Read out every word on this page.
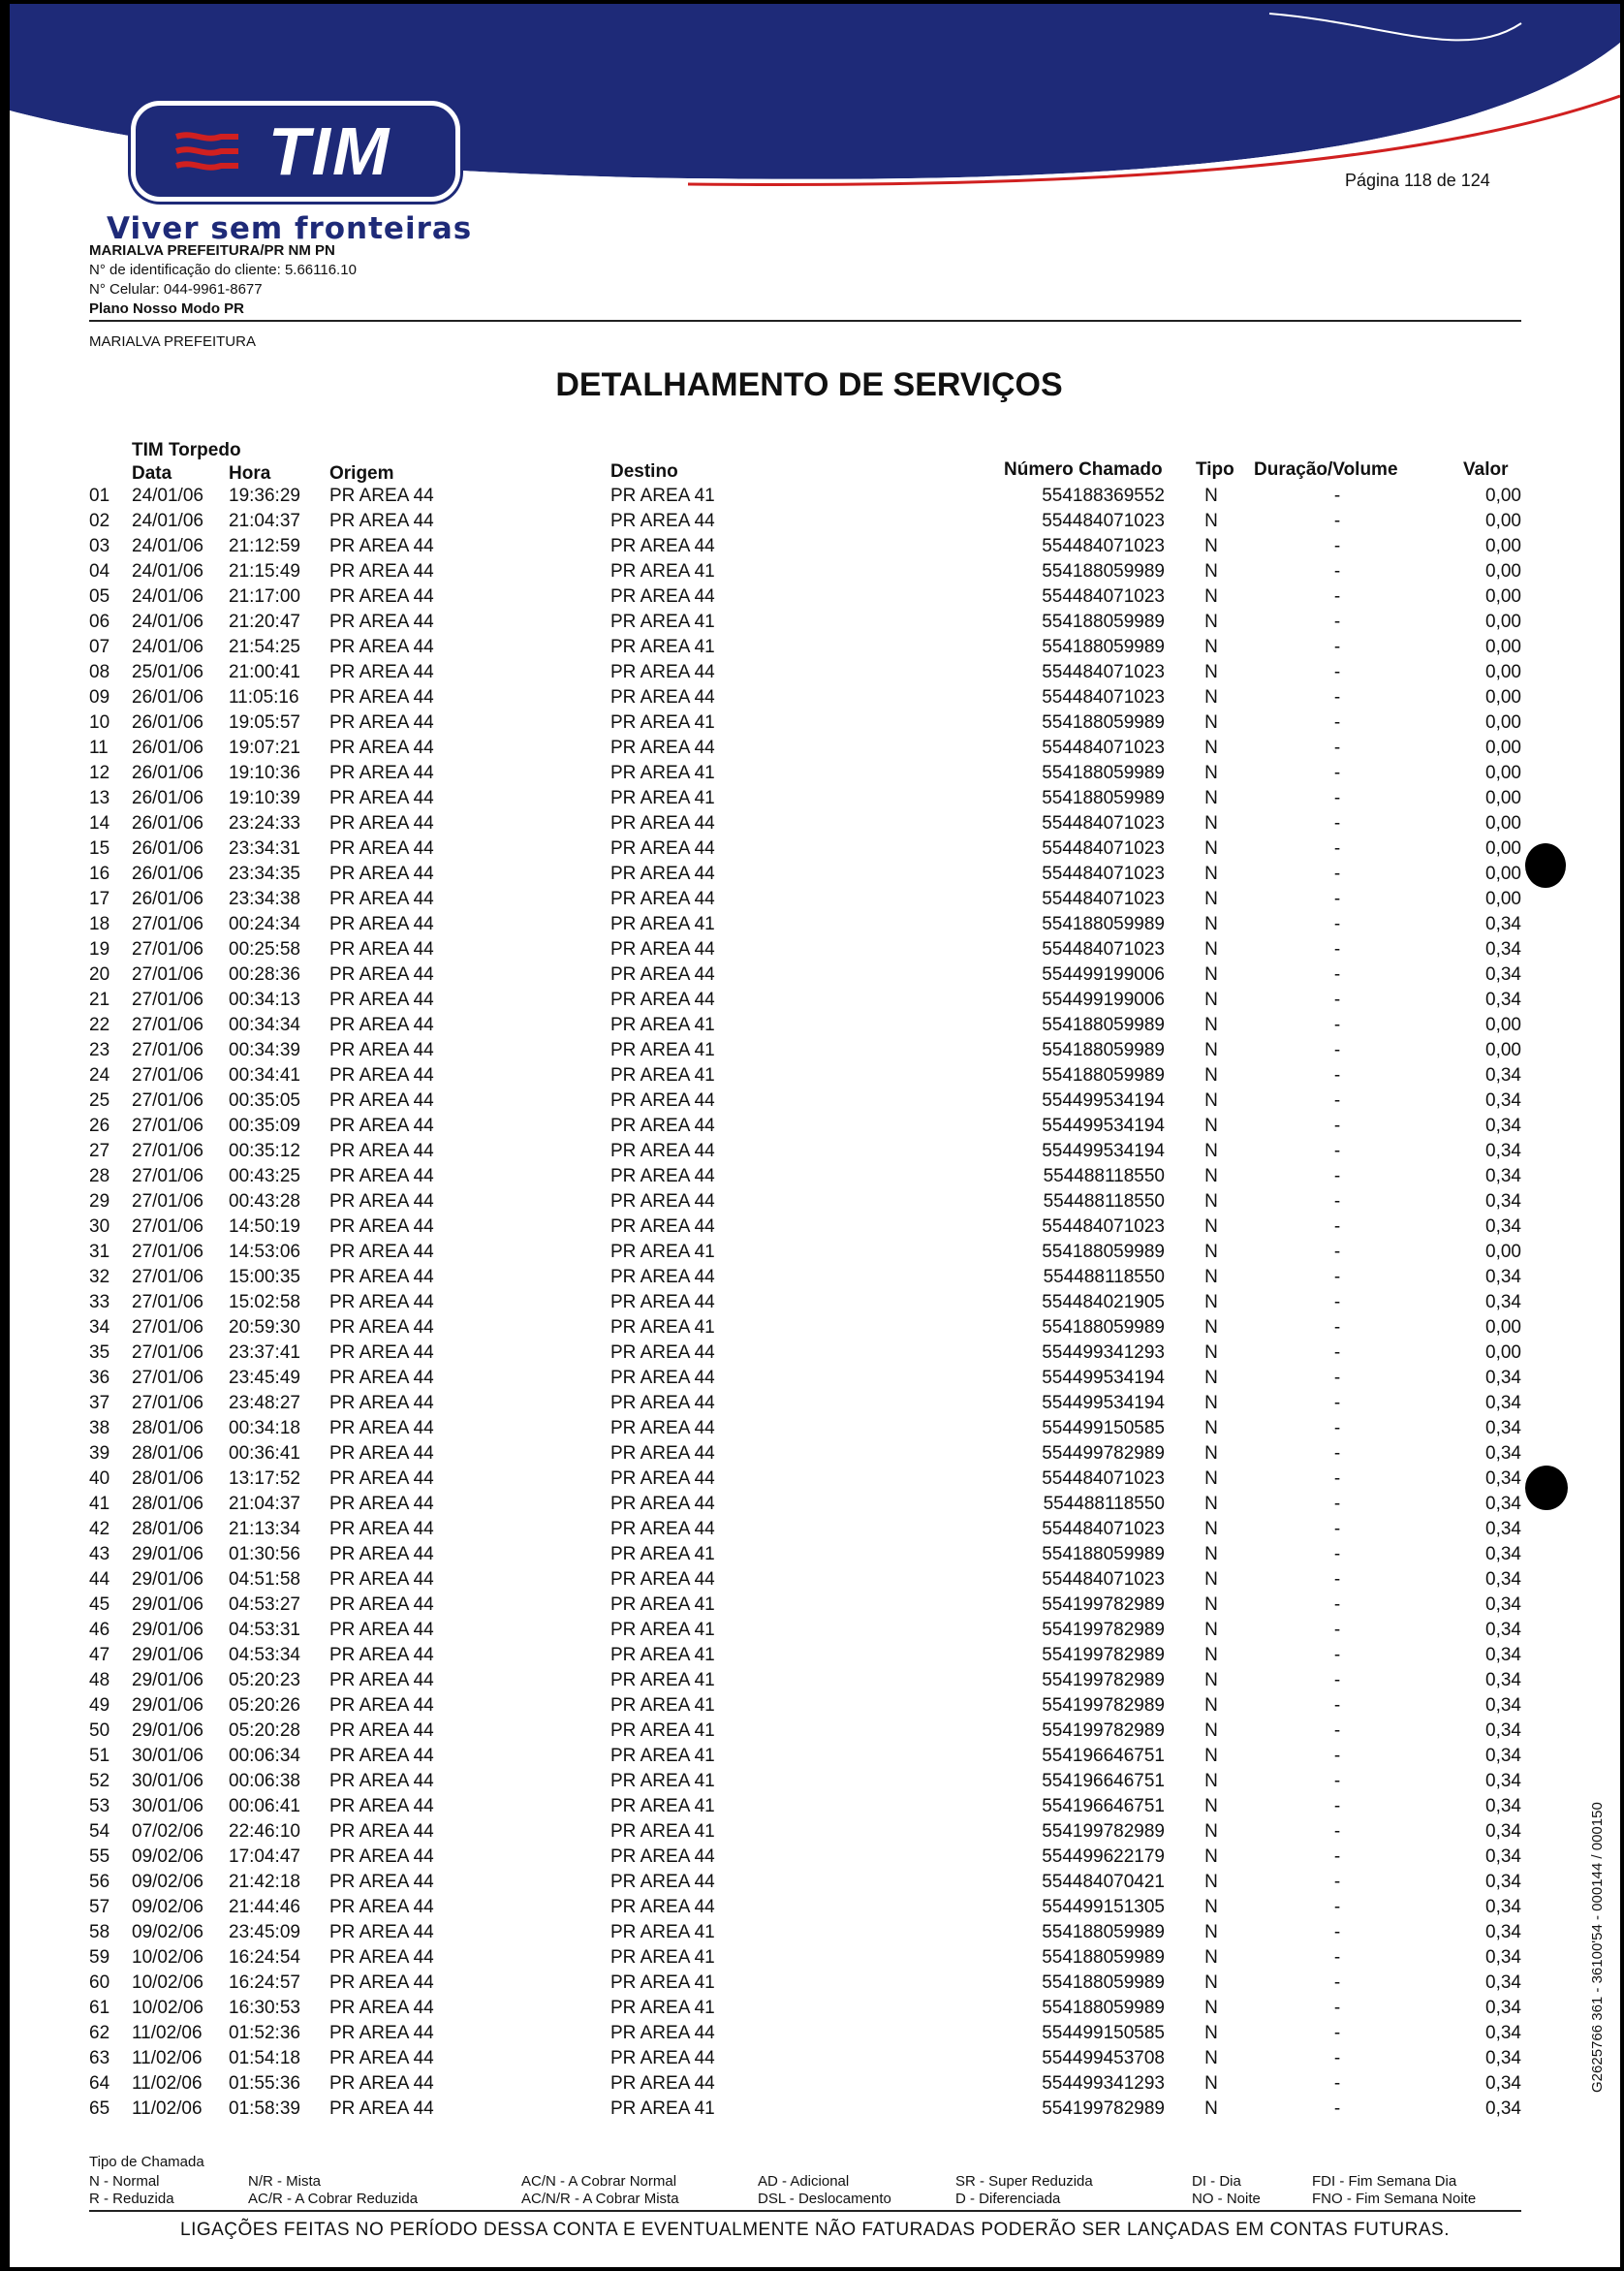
TIM
Viver sem fronteiras
Página 118 de 124
MARIALVA PREFEITURA/PR NM PN
N° de identificação do cliente: 5.66116.10
N° Celular: 044-9961-8677
Plano Nosso Modo PR
MARIALVA PREFEITURA
DETALHAMENTO DE SERVIÇOS
TIM Torpedo
Data	Hora	Origem	Destino	Número Chamado Tipo Duração/Volume	Valor
01 24/01/06 19:36:29 PR AREA 44	PR AREA 41	554188369552 N	-	0,00
02 24/01/06 21:04:37 PR AREA 44	PR AREA 44	554484071023 N	-	0,00
03 24/01/06 21:12:59 PR AREA 44	PR AREA 44	554484071023 N	-	0,00
04 24/01/06 21:15:49 PR AREA 44	PR AREA 41	554188059989 N	-	0,00
05 24/01/06 21:17:00 PR AREA 44	PR AREA 44	554484071023 N	-	0,00
06 24/01/06 21:20:47 PR AREA 44	PR AREA 41	554188059989 N	-	0,00
07 24/01/06 21:54:25 PR AREA 44	PR AREA 41	554188059989 N	-	0,00
08 25/01/06 21:00:41 PR AREA 44	PR AREA 44	554484071023 N	-	0,00
09 26/01/06 11:05:16 PR AREA 44	PR AREA 44	554484071023 N	-	0,00
10 26/01/06 19:05:57 PR AREA 44	PR AREA 41	554188059989 N	-	0,00
11 26/01/06 19:07:21 PR AREA 44	PR AREA 44	554484071023 N	-	0,00
12 26/01/06 19:10:36 PR AREA 44	PR AREA 41	554188059989 N	-	0,00
13 26/01/06 19:10:39 PR AREA 44	PR AREA 41	554188059989 N	-	0,00
14 26/01/06 23:24:33 PR AREA 44	PR AREA 44	554484071023 N	-	0,00
15 26/01/06 23:34:31 PR AREA 44	PR AREA 44	554484071023 N	-	0,00
16 26/01/06 23:34:35 PR AREA 44	PR AREA 44	554484071023 N	-	0,00
17 26/01/06 23:34:38 PR AREA 44	PR AREA 44	554484071023 N	-	0,00
18 27/01/06 00:24:34 PR AREA 44	PR AREA 41	554188059989 N	-	0,34
19 27/01/06 00:25:58 PR AREA 44	PR AREA 44	554484071023 N	-	0,34
20 27/01/06 00:28:36 PR AREA 44	PR AREA 44	554499199006 N	-	0,34
21 27/01/06 00:34:13 PR AREA 44	PR AREA 44	554499199006 N	-	0,34
22 27/01/06 00:34:34 PR AREA 44	PR AREA 41	554188059989 N	-	0,00
23 27/01/06 00:34:39 PR AREA 44	PR AREA 41	554188059989 N	-	0,00
24 27/01/06 00:34:41 PR AREA 44	PR AREA 41	554188059989 N	-	0,34
25 27/01/06 00:35:05 PR AREA 44	PR AREA 44	554499534194 N	-	0,34
26 27/01/06 00:35:09 PR AREA 44	PR AREA 44	554499534194 N	-	0,34
27 27/01/06 00:35:12 PR AREA 44	PR AREA 44	554499534194 N	-	0,34
28 27/01/06 00:43:25 PR AREA 44	PR AREA 44	554488118550 N	-	0,34
29 27/01/06 00:43:28 PR AREA 44	PR AREA 44	554488118550 N	-	0,34
30 27/01/06 14:50:19 PR AREA 44	PR AREA 44	554484071023 N	-	0,34
31 27/01/06 14:53:06 PR AREA 44	PR AREA 41	554188059989 N	-	0,00
32 27/01/06 15:00:35 PR AREA 44	PR AREA 44	554488118550 N	-	0,34
33 27/01/06 15:02:58 PR AREA 44	PR AREA 44	554484021905 N	-	0,34
34 27/01/06 20:59:30 PR AREA 44	PR AREA 41	554188059989 N	-	0,00
35 27/01/06 23:37:41 PR AREA 44	PR AREA 44	554499341293 N	-	0,00
36 27/01/06 23:45:49 PR AREA 44	PR AREA 44	554499534194 N	-	0,34
37 27/01/06 23:48:27 PR AREA 44	PR AREA 44	554499534194 N	-	0,34
38 28/01/06 00:34:18 PR AREA 44	PR AREA 44	554499150585 N	-	0,34
39 28/01/06 00:36:41 PR AREA 44	PR AREA 44	554499782989 N	-	0,34
40 28/01/06 13:17:52 PR AREA 44	PR AREA 44	554484071023 N	-	0,34
41 28/01/06 21:04:37 PR AREA 44	PR AREA 44	554488118550 N	-	0,34
42 28/01/06 21:13:34 PR AREA 44	PR AREA 44	554484071023 N	-	0,34
43 29/01/06 01:30:56 PR AREA 44	PR AREA 41	554188059989 N	-	0,34
44 29/01/06 04:51:58 PR AREA 44	PR AREA 44	554484071023 N	-	0,34
45 29/01/06 04:53:27 PR AREA 44	PR AREA 41	554199782989 N	-	0,34
46 29/01/06 04:53:31 PR AREA 44	PR AREA 41	554199782989 N	-	0,34
47 29/01/06 04:53:34 PR AREA 44	PR AREA 41	554199782989 N	-	0,34
48 29/01/06 05:20:23 PR AREA 44	PR AREA 41	554199782989 N	-	0,34
49 29/01/06 05:20:26 PR AREA 44	PR AREA 41	554199782989 N	-	0,34
50 29/01/06 05:20:28 PR AREA 44	PR AREA 41	554199782989 N	-	0,34
51 30/01/06 00:06:34 PR AREA 44	PR AREA 41	554196646751 N	-	0,34
52 30/01/06 00:06:38 PR AREA 44	PR AREA 41	554196646751 N	-	0,34
53 30/01/06 00:06:41 PR AREA 44	PR AREA 41	554196646751 N	-	0,34
54 07/02/06 22:46:10 PR AREA 44	PR AREA 41	554199782989 N	-	0,34
55 09/02/06 17:04:47 PR AREA 44	PR AREA 44	554499622179 N	-	0,34
56 09/02/06 21:42:18 PR AREA 44	PR AREA 44	554484070421 N	-	0,34
57 09/02/06 21:44:46 PR AREA 44	PR AREA 44	554499151305 N	-	0,34
58 09/02/06 23:45:09 PR AREA 44	PR AREA 41	554188059989 N	-	0,34
59 10/02/06 16:24:54 PR AREA 44	PR AREA 41	554188059989 N	-	0,34
60 10/02/06 16:24:57 PR AREA 44	PR AREA 41	554188059989 N	-	0,34
61 10/02/06 16:30:53 PR AREA 44	PR AREA 41	554188059989 N	-	0,34
62 11/02/06 01:52:36 PR AREA 44	PR AREA 44	554499150585 N	-	0,34
63 11/02/06 01:54:18 PR AREA 44	PR AREA 44	554499453708 N	-	0,34
64 11/02/06 01:55:36 PR AREA 44	PR AREA 44	554499341293 N	-	0,34
65 11/02/06 01:58:39 PR AREA 44	PR AREA 41	554199782989 N	-	0,34
Tipo de Chamada
N - Normal
R - Reduzida
N/R - Mista
AC/R - A Cobrar Reduzida
AC/N - A Cobrar Normal
AC/N/R - A Cobrar Mista
AD - Adicional
DSL - Deslocamento
SR - Super Reduzida
D - Diferenciada
DI - Dia
NO - Noite
FDI - Fim Semana Dia
FNO - Fim Semana Noite
LIGAÇÕES FEITAS NO PERÍODO DESSA CONTA E EVENTUALMENTE NÃO FATURADAS PODERÃO SER LANÇADAS EM CONTAS FUTURAS.
G2625766 361 - 36100'54 - 000144 / 000150
